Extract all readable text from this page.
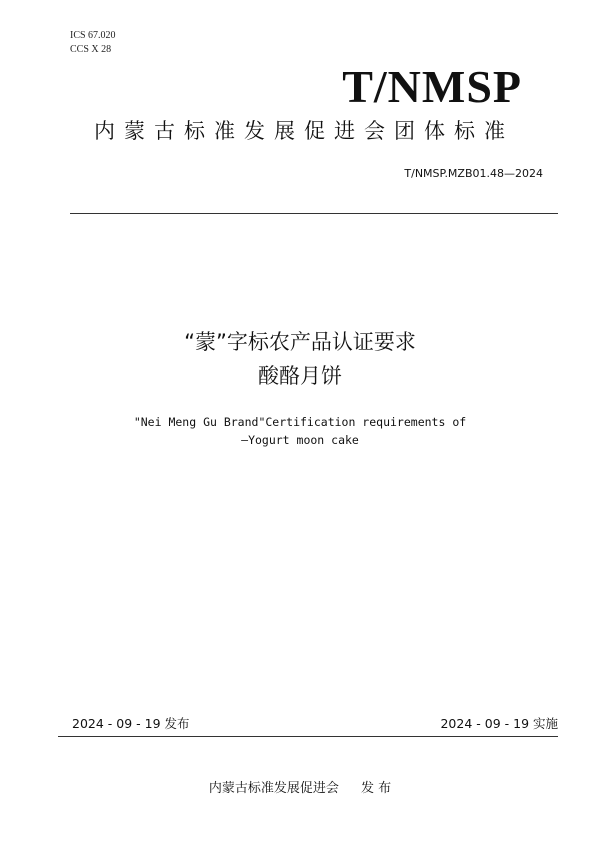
ICS 67.020
CCS X 28
T/NMSP
内蒙古标准发展促进会团体标准
T/NMSP.MZB01.48—2024
“蒙”字标农产品认证要求
酸酪月饼
"Nei Meng Gu Brand"Certification requirements of
—Yogurt moon cake
2024 - 09 - 19 发布	2024 - 09 - 19 实施
内蒙古标准发展促进会 发 布
